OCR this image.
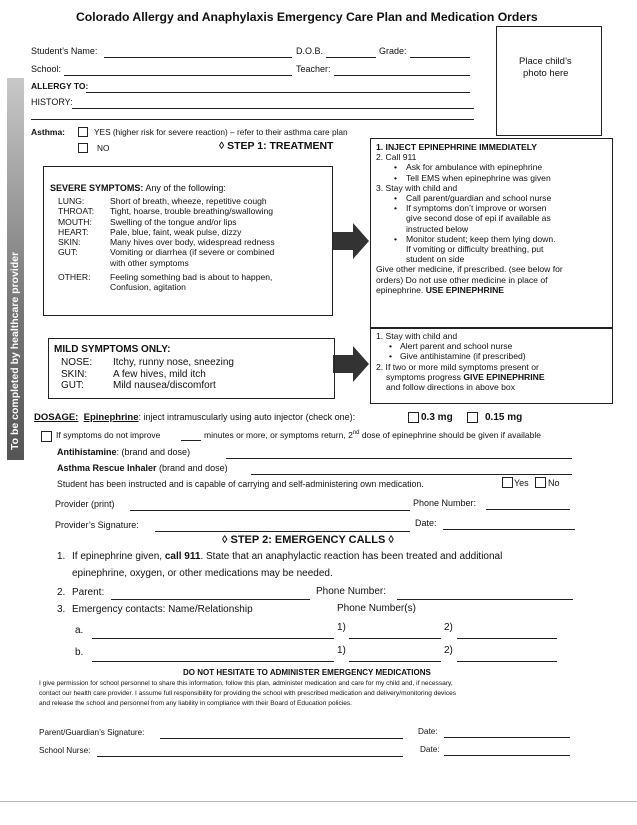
Colorado Allergy and Anaphylaxis Emergency Care Plan and Medication Orders
To be completed by healthcare provider
Place child’s
photo here
Student’s Name:	D.O.B.	Grade:
School:	Teacher:
ALLERGY TO:
HISTORY:
Asthma:	YES (higher risk for severe reaction) – refer to their asthma care plan
NO	◊ STEP 1: TREATMENT
SEVERE SYMPTOMS: Any of the following:
LUNG:	Short of breath, wheeze, repetitive cough
THROAT:	Tight, hoarse, trouble breathing/swallowing
MOUTH:	Swelling of the tongue and/or lips
HEART:	Pale, blue, faint, weak pulse, dizzy
SKIN:	Many hives over body, widespread redness
GUT:	Vomiting or diarrhea (if severe or combined
with other symptoms
OTHER:	Feeling something bad is about to happen,
Confusion, agitation
1. INJECT EPINEPHRINE IMMEDIATELY
2. Call 911
• Ask for ambulance with epinephrine
• Tell EMS when epinephrine was given
3. Stay with child and
• Call parent/guardian and school nurse
• If symptoms don’t improve or worsen
give second dose of epi if available as
instructed below
• Monitor student; keep them lying down.
If vomiting or difficulty breathing, put
student on side
Give other medicine, if prescribed. (see below for
orders) Do not use other medicine in place of
epinephrine. USE EPINEPHRINE
MILD SYMPTOMS ONLY:
NOSE:	Itchy, runny nose, sneezing
SKIN:	A few hives, mild itch
GUT:	Mild nausea/discomfort
1. Stay with child and
• Alert parent and school nurse
• Give antihistamine (if prescribed)
2. If two or more mild symptoms present or
symptoms progress GIVE EPINEPHRINE
and follow directions in above box
DOSAGE: Epinephrine: inject intramuscularly using auto injector (check one):	0.3 mg	0.15 mg
If symptoms do not improve	minutes or more, or symptoms return, 2nd dose of epinephrine should be given if available
Antihistamine: (brand and dose)
Asthma Rescue Inhaler (brand and dose)
Student has been instructed and is capable of carrying and self-administering own medication.	Yes No
Provider (print)	Phone Number:
Provider’s Signature:	Date:
◊ STEP 2: EMERGENCY CALLS ◊
1. If epinephrine given, call 911. State that an anaphylactic reaction has been treated and additional
epinephrine, oxygen, or other medications may be needed.
2. Parent:	Phone Number:
3. Emergency contacts: Name/Relationship	Phone Number(s)
a.	1)	2)
b.	1)	2)
DO NOT HESITATE TO ADMINISTER EMERGENCY MEDICATIONS
I give permission for school personnel to share this information, follow this plan, administer medication and care for my child and, if necessary,
contact our health care provider. I assume full responsibility for providing the school with prescribed medication and delivery/monitoring devices
and release the school and personnel from any liability in compliance with their Board of Education policies.
Parent/Guardian’s Signature:	Date:
School Nurse:	Date:
